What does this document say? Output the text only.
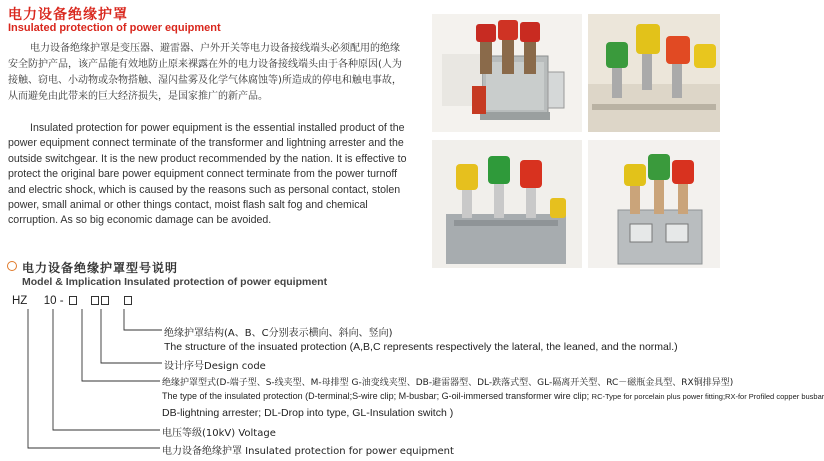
电力设备绝缘护罩
Insulated protection of power equipment
电力设备绝缘护罩是变压器、避雷器、户外开关等电力设备接线端头必须配用的绝缘安全防护产品，该产品能有效地防止原来裸露在外的电力设备接线端头由于各种原因(人为接触、窃电、小动物或杂物搭触、湿闪盐雾及化学气体腐蚀等)所造成的停电和触电事故，从而避免由此带来的巨大经济损失，是国家推广的新产品。
Insulated protection for power equipment is the essential installed product of the power equipment connect terminate of the transformer and lightning arrester and the outside switchgear. It is the new product recommended by the nation. It is effective to protect the original bare power equipment connect terminate from the power turnoff and electric shock, which is caused by the reasons such as personal contact, stolen power, small animal or other things contact, moist flash salt fog and chemical corruption. As so big economic damage can be avoided.
电力设备绝缘护罩型号说明
Model & Implication Insulated protection of power equipment
HZ 10 -
绝缘护罩结构(A、B、C分别表示横向、斜向、竖向)
The structure of the insuated protection (A,B,C represents respectively the lateral, the leaned, and the normal.)
设计序号Design code
绝缘护罩型式(D-端子型、S-线夹型、M-母排型 G-油变线夹型、DB-避雷器型、DL-跌落式型、GL-隔离开关型、RC－磁瓶金具型、RX铜排异型)
The type of the insulated protection (D-terminal;S-wire clip; M-busbar; G-oil-immersed transformer wire clip; RC-Type for porcelain plus power fitting;RX-for Profiled copper busbar
DB-lightning arrester; DL-Drop into type, GL-Insulation switch )
电压等级(10kV) Voltage
电力设备绝缘护罩 Insulated protection for power equipment
